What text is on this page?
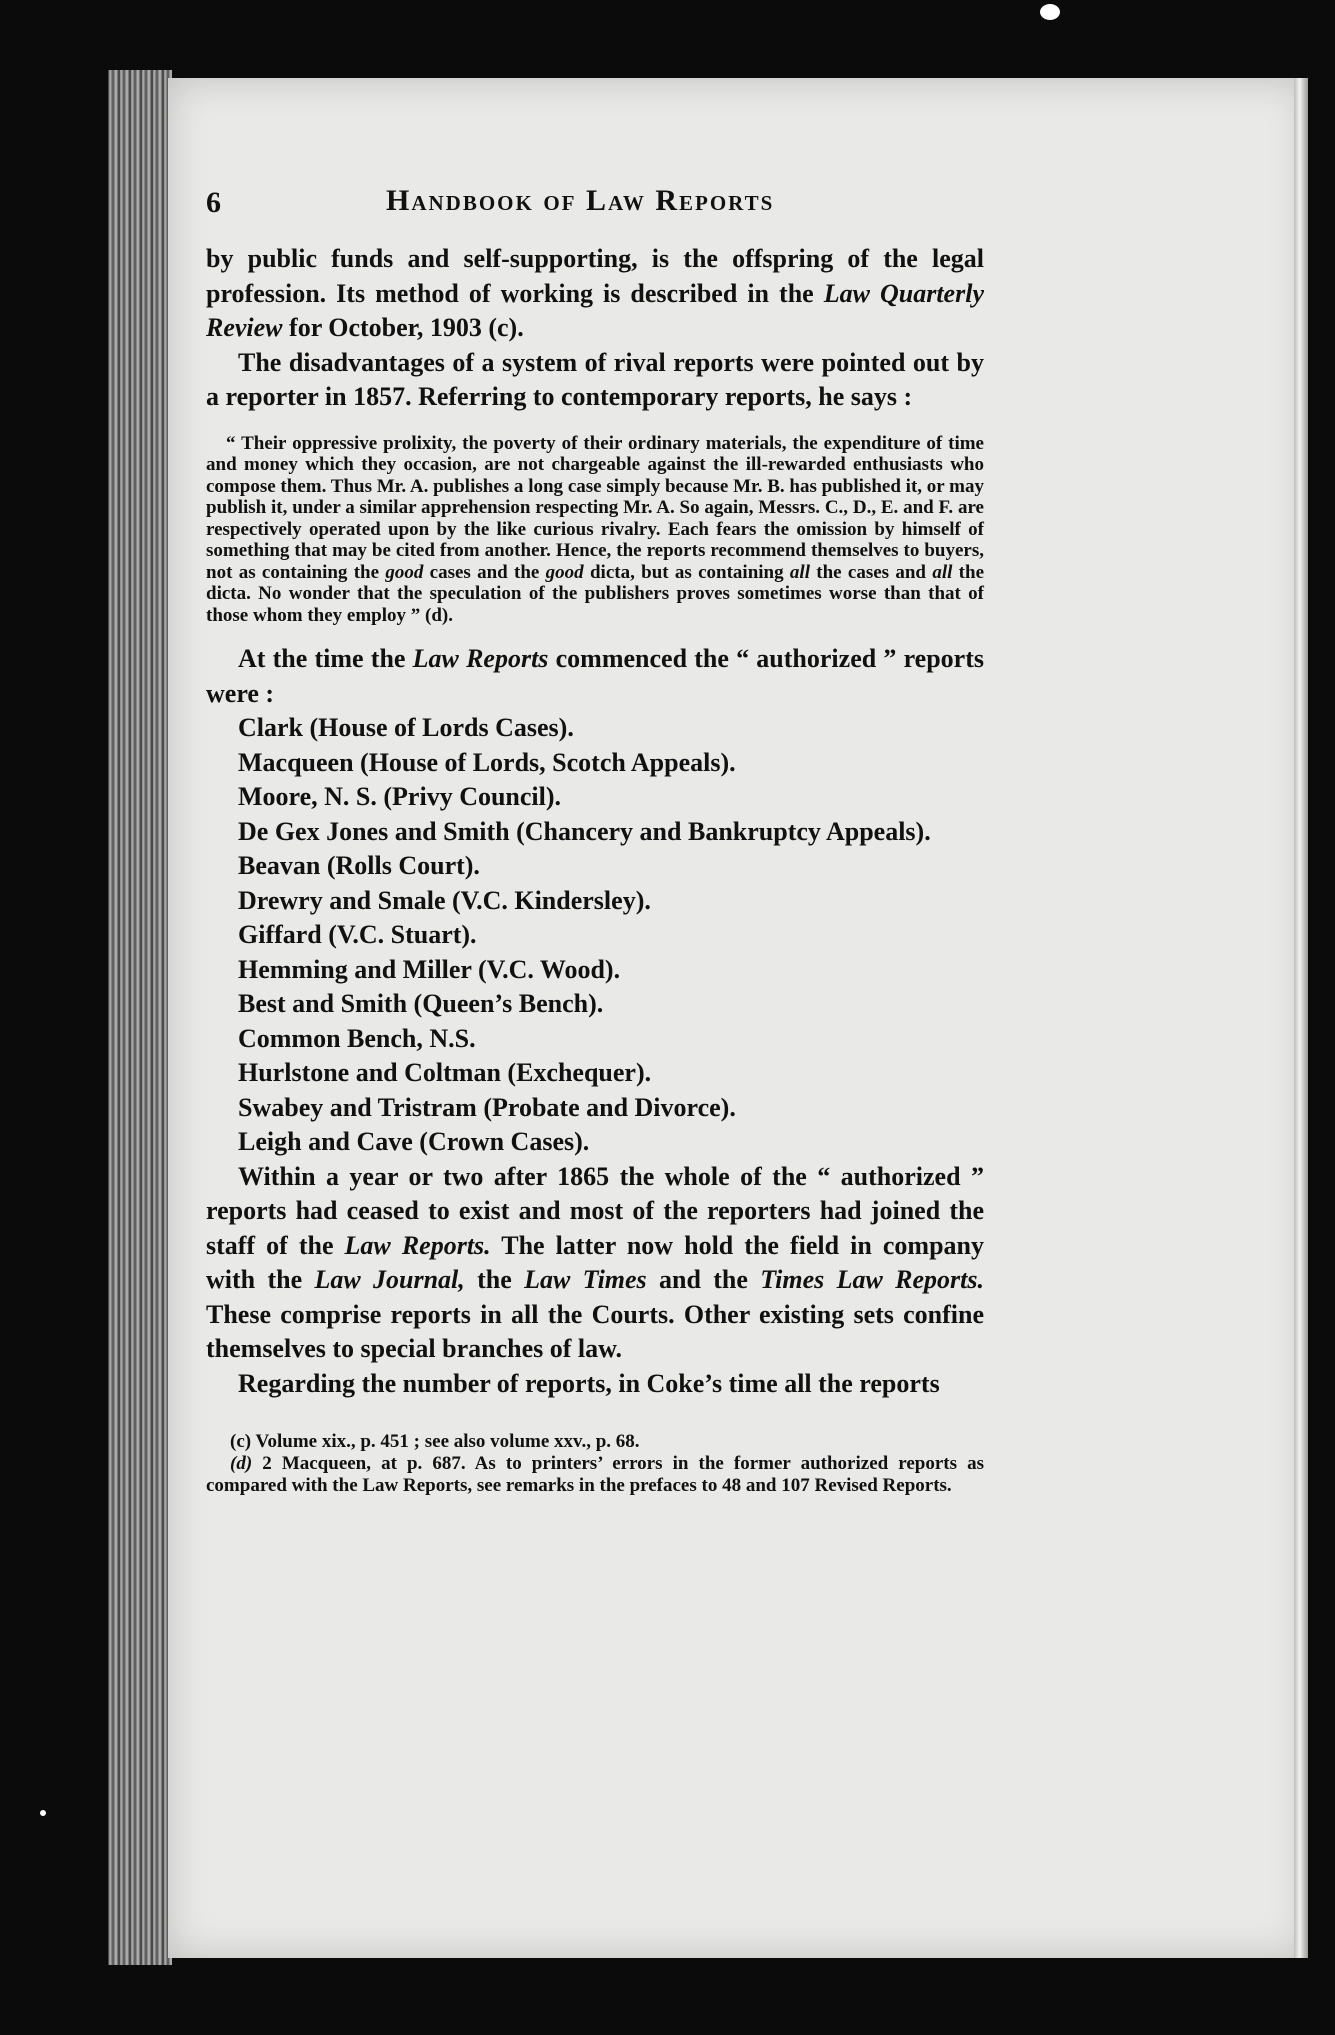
6	Handbook of Law Reports

by public funds and self-supporting, is the offspring of the legal profession. Its method of working is described in the Law Quarterly Review for October, 1903 (c).

The disadvantages of a system of rival reports were pointed out by a reporter in 1857. Referring to contemporary reports, he says :

“ Their oppressive prolixity, the poverty of their ordinary materials, the expenditure of time and money which they occasion, are not chargeable against the ill-rewarded enthusiasts who compose them. Thus Mr. A. publishes a long case simply because Mr. B. has published it, or may publish it, under a similar apprehension respecting Mr. A. So again, Messrs. C., D., E. and F. are respectively operated upon by the like curious rivalry. Each fears the omission by himself of something that may be cited from another. Hence, the reports recommend themselves to buyers, not as containing the good cases and the good dicta, but as containing all the cases and all the dicta. No wonder that the speculation of the publishers proves sometimes worse than that of those whom they employ ” (d).

At the time the Law Reports commenced the “ authorized ” reports were :

Clark (House of Lords Cases).
Macqueen (House of Lords, Scotch Appeals).
Moore, N. S. (Privy Council).
De Gex Jones and Smith (Chancery and Bankruptcy Appeals).
Beavan (Rolls Court).
Drewry and Smale (V.C. Kindersley).
Giffard (V.C. Stuart).
Hemming and Miller (V.C. Wood).
Best and Smith (Queen’s Bench).
Common Bench, N.S.
Hurlstone and Coltman (Exchequer).
Swabey and Tristram (Probate and Divorce).
Leigh and Cave (Crown Cases).

Within a year or two after 1865 the whole of the “ authorized ” reports had ceased to exist and most of the reporters had joined the staff of the Law Reports. The latter now hold the field in company with the Law Journal, the Law Times and the Times Law Reports. These comprise reports in all the Courts. Other existing sets confine themselves to special branches of law.

Regarding the number of reports, in Coke’s time all the reports

(c) Volume xix., p. 451 ; see also volume xxv., p. 68.

(d) 2 Macqueen, at p. 687. As to printers’ errors in the former authorized reports as compared with the Law Reports, see remarks in the prefaces to 48 and 107 Revised Reports.
